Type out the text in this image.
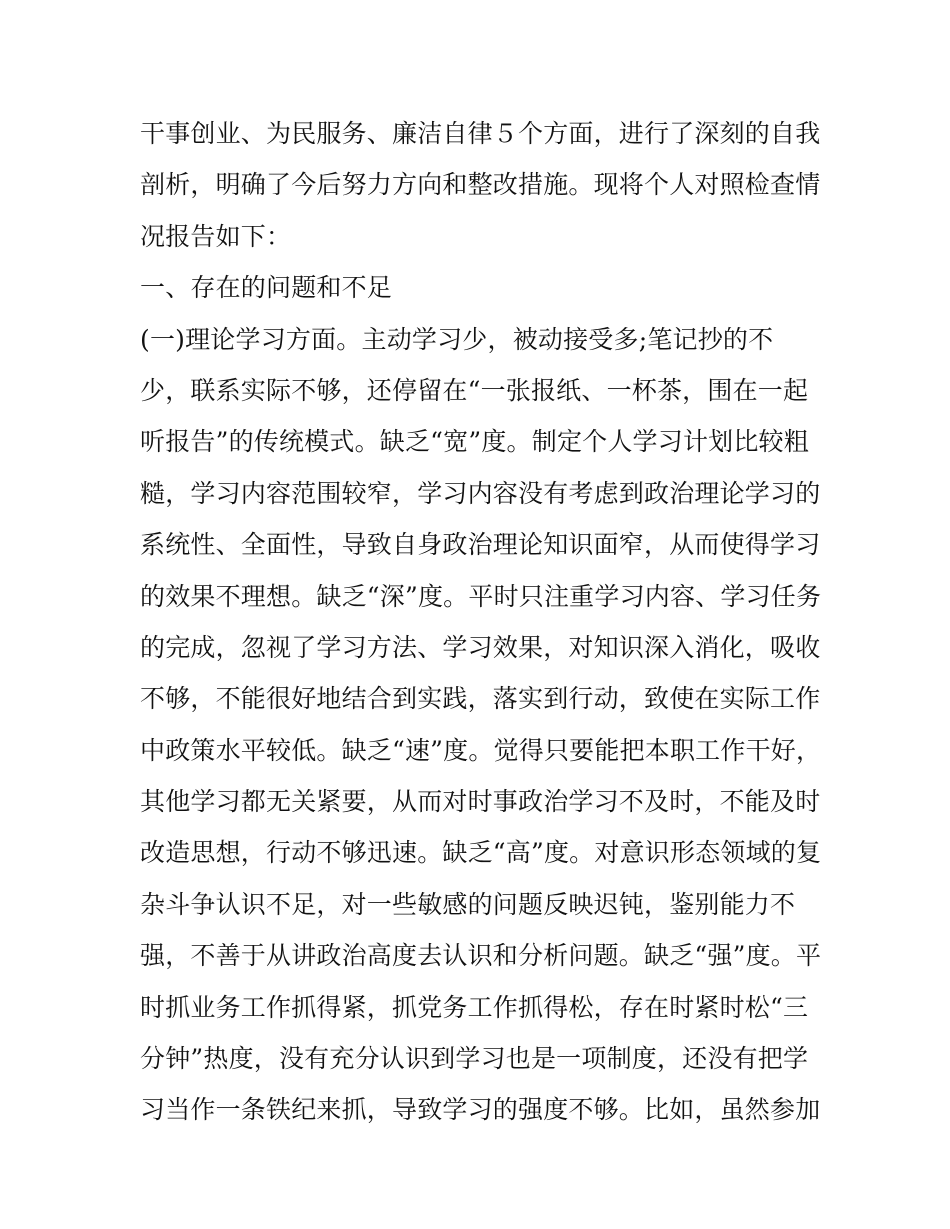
干事创业、为民服务、廉洁自律５个方面，进行了深刻的自我
剖析，明确了今后努力方向和整改措施。现将个人对照检查情
况报告如下：
一、存在的问题和不足
(一)理论学习方面。主动学习少，被动接受多;笔记抄的不
少，联系实际不够，还停留在“一张报纸、一杯茶，围在一起
听报告”的传统模式。缺乏“宽”度。制定个人学习计划比较粗
糙，学习内容范围较窄，学习内容没有考虑到政治理论学习的
系统性、全面性，导致自身政治理论知识面窄，从而使得学习
的效果不理想。缺乏“深”度。平时只注重学习内容、学习任务
的完成，忽视了学习方法、学习效果，对知识深入消化，吸收
不够，不能很好地结合到实践，落实到行动，致使在实际工作
中政策水平较低。缺乏“速”度。觉得只要能把本职工作干好，
其他学习都无关紧要，从而对时事政治学习不及时，不能及时
改造思想，行动不够迅速。缺乏“高”度。对意识形态领域的复
杂斗争认识不足，对一些敏感的问题反映迟钝，鉴别能力不
强，不善于从讲政治高度去认识和分析问题。缺乏“强”度。平
时抓业务工作抓得紧，抓党务工作抓得松，存在时紧时松“三
分钟”热度，没有充分认识到学习也是一项制度，还没有把学
习当作一条铁纪来抓，导致学习的强度不够。比如，虽然参加
